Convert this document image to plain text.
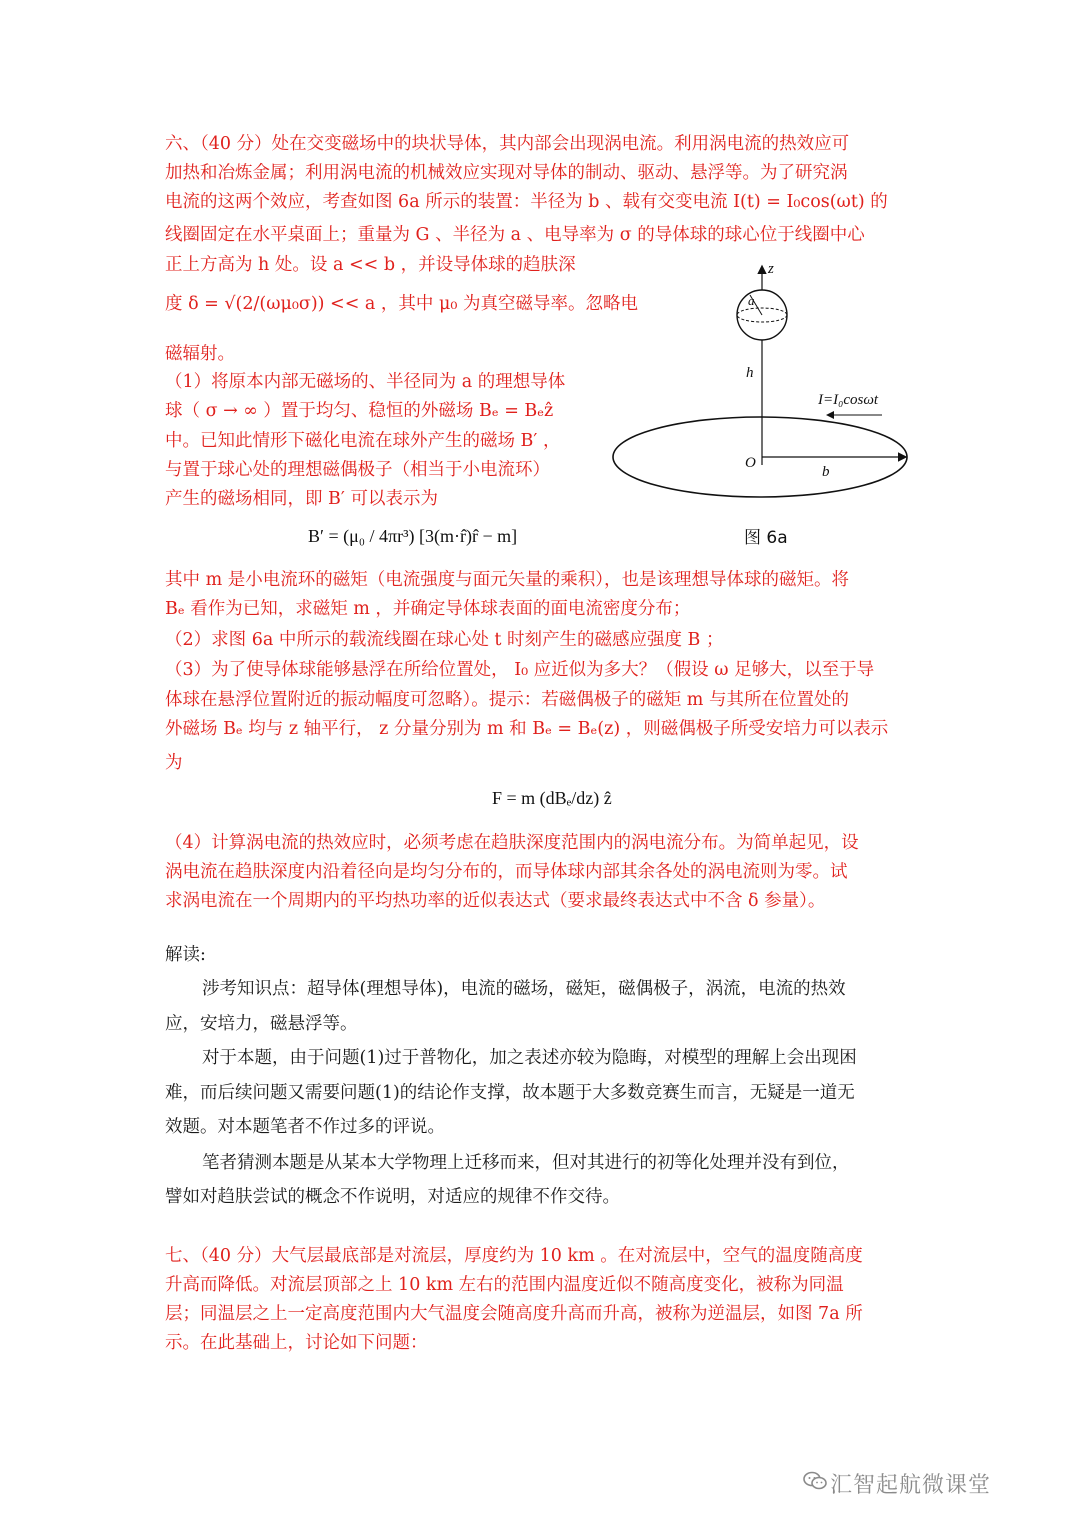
六、（40 分）处在交变磁场中的块状导体，其内部会出现涡电流。利用涡电流的热效应可
加热和冶炼金属；利用涡电流的机械效应实现对导体的制动、驱动、悬浮等。为了研究涡
电流的这两个效应，考查如图 6a 所示的装置：半径为 b 、载有交变电流 I(t) = I₀cos(ωt) 的
线圈固定在水平桌面上；重量为 G 、半径为 a 、电导率为 σ 的导体球的球心位于线圈中心
正上方高为 h 处。设 a << b ，并设导体球的趋肤深
度 δ = √(2/(ωμ₀σ)) << a ，其中 μ₀ 为真空磁导率。忽略电
磁辐射。
（1）将原本内部无磁场的、半径同为 a 的理想导体
球（ σ → ∞ ）置于均匀、稳恒的外磁场 Bₑ = Bₑẑ
中。已知此情形下磁化电流在球外产生的磁场 B′ ，
与置于球心处的理想磁偶极子（相当于小电流环）
产生的磁场相同，即 B′ 可以表示为
B′ = (μ₀ / 4πr³) [3(m·r̂)r̂ − m]
其中 m 是小电流环的磁矩（电流强度与面元矢量的乘积），也是该理想导体球的磁矩。将
Bₑ 看作为已知，求磁矩 m ，并确定导体球表面的面电流密度分布；
（2）求图 6a 中所示的载流线圈在球心处 t 时刻产生的磁感应强度 B ；
（3）为了使导体球能够悬浮在所给位置处， I₀ 应近似为多大？（假设 ω 足够大，以至于导
体球在悬浮位置附近的振动幅度可忽略）。提示：若磁偶极子的磁矩 m 与其所在位置处的
外磁场 Bₑ 均与 z 轴平行， z 分量分别为 m 和 Bₑ = Bₑ(z) ，则磁偶极子所受安培力可以表示
为
F = m (dBₑ/dz) ẑ
（4）计算涡电流的热效应时，必须考虑在趋肤深度范围内的涡电流分布。为简单起见，设
涡电流在趋肤深度内沿着径向是均匀分布的，而导体球内部其余各处的涡电流则为零。试
求涡电流在一个周期内的平均热功率的近似表达式（要求最终表达式中不含 δ 参量）。
z
a
h
I=I₀cosωt
O
b
图 6a
解读:
涉考知识点：超导体(理想导体)，电流的磁场，磁矩，磁偶极子，涡流，电流的热效
应，安培力，磁悬浮等。
对于本题，由于问题(1)过于普物化，加之表述亦较为隐晦，对模型的理解上会出现困
难，而后续问题又需要问题(1)的结论作支撑，故本题于大多数竞赛生而言，无疑是一道无
效题。对本题笔者不作过多的评说。
笔者猜测本题是从某本大学物理上迁移而来，但对其进行的初等化处理并没有到位，
譬如对趋肤尝试的概念不作说明，对适应的规律不作交待。
七、（40 分）大气层最底部是对流层，厚度约为 10 km 。在对流层中，空气的温度随高度
升高而降低。对流层顶部之上 10 km 左右的范围内温度近似不随高度变化，被称为同温
层；同温层之上一定高度范围内大气温度会随高度升高而升高，被称为逆温层，如图 7a 所
示。在此基础上，讨论如下问题：
汇智起航微课堂
